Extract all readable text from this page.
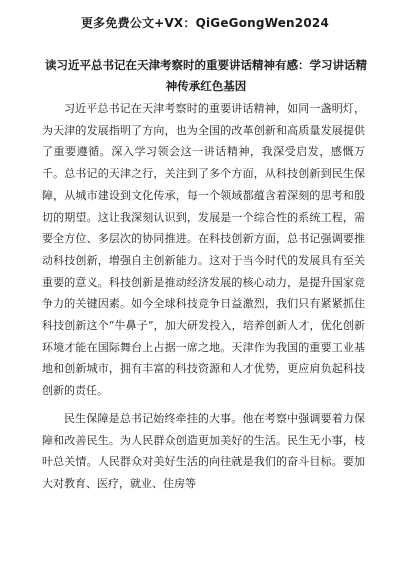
更多免费公文+VX：QiGeGongWen2024
读习近平总书记在天津考察时的重要讲话精神有感：学习讲话精神传承红色基因

习近平总书记在天津考察时的重要讲话精神，如同一盏明灯，为天津的发展指明了方向，也为全国的改革创新和高质量发展提供了重要遵循。深入学习领会这一讲话精神，我深受启发，感慨万千。总书记的天津之行，关注到了多个方面，从科技创新到民生保障，从城市建设到文化传承，每一个领域都蕴含着深刻的思考和殷切的期望。这让我深刻认识到，发展是一个综合性的系统工程，需要全方位、多层次的协同推进。在科技创新方面，总书记强调要推动科技创新，增强自主创新能力。这对于当今时代的发展具有至关重要的意义。科技创新是推动经济发展的核心动力，是提升国家竞争力的关键因素。如今全球科技竞争日益激烈，我们只有紧紧抓住科技创新这个“牛鼻子”，加大研发投入，培养创新人才，优化创新环境才能在国际舞台上占据一席之地。天津作为我国的重要工业基地和创新城市，拥有丰富的科技资源和人才优势，更应肩负起科技创新的责任。

民生保障是总书记始终牵挂的大事。他在考察中强调要着力保障和改善民生。为人民群众创造更加美好的生活。民生无小事，枝叶总关情。人民群众对美好生活的向往就是我们的奋斗目标。要加大对教育、医疗，就业、住房等
